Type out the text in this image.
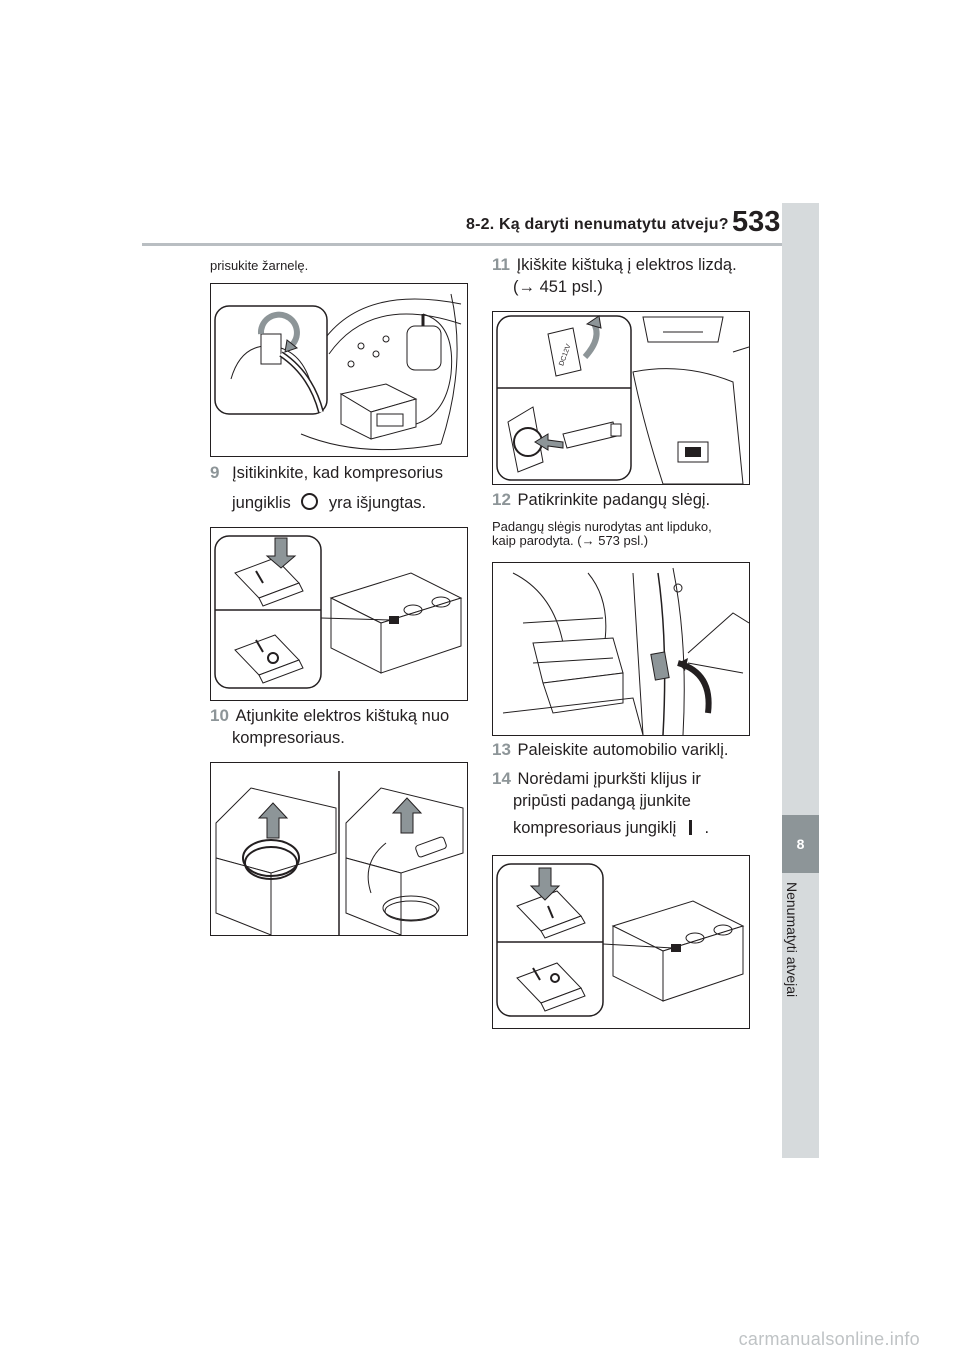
8-2. Ką daryti nenumatytu atveju? 533
8
Nenumatyti atvejai
prisukite žarnelę.
9 Įsitikinkite, kad kompresorius
jungiklis yra išjungtas.
10 Atjunkite elektros kištuką nuo
kompresoriaus.
11 Įkiškite kištuką į elektros lizdą.
(→ 451 psl.)
DC12V
12 Patikrinkite padangų slėgį.
Padangų slėgis nurodytas ant lipduko,
kaip parodyta. (→ 573 psl.)
13 Paleiskite automobilio variklį.
14 Norėdami įpurkšti klijus ir
pripūsti padangą įjunkite
kompresoriaus jungiklį .
carmanualsonline.info
